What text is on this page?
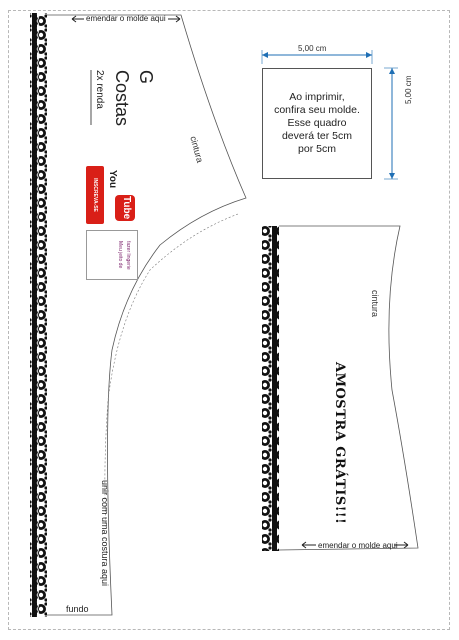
emendar o molde aqui
G
Costas
2x renda
cintura
unir com uma costura aqui
fundo
You
Tube
INSCREVA-SE
Meu jeito de fazer lingerie
5,00 cm
5,00 cm
Ao imprimir,
confira seu molde.
Esse quadro
deverá ter 5cm
por 5cm
cintura
AMOSTRA GRÁTIS!!!
emendar o molde aqui
